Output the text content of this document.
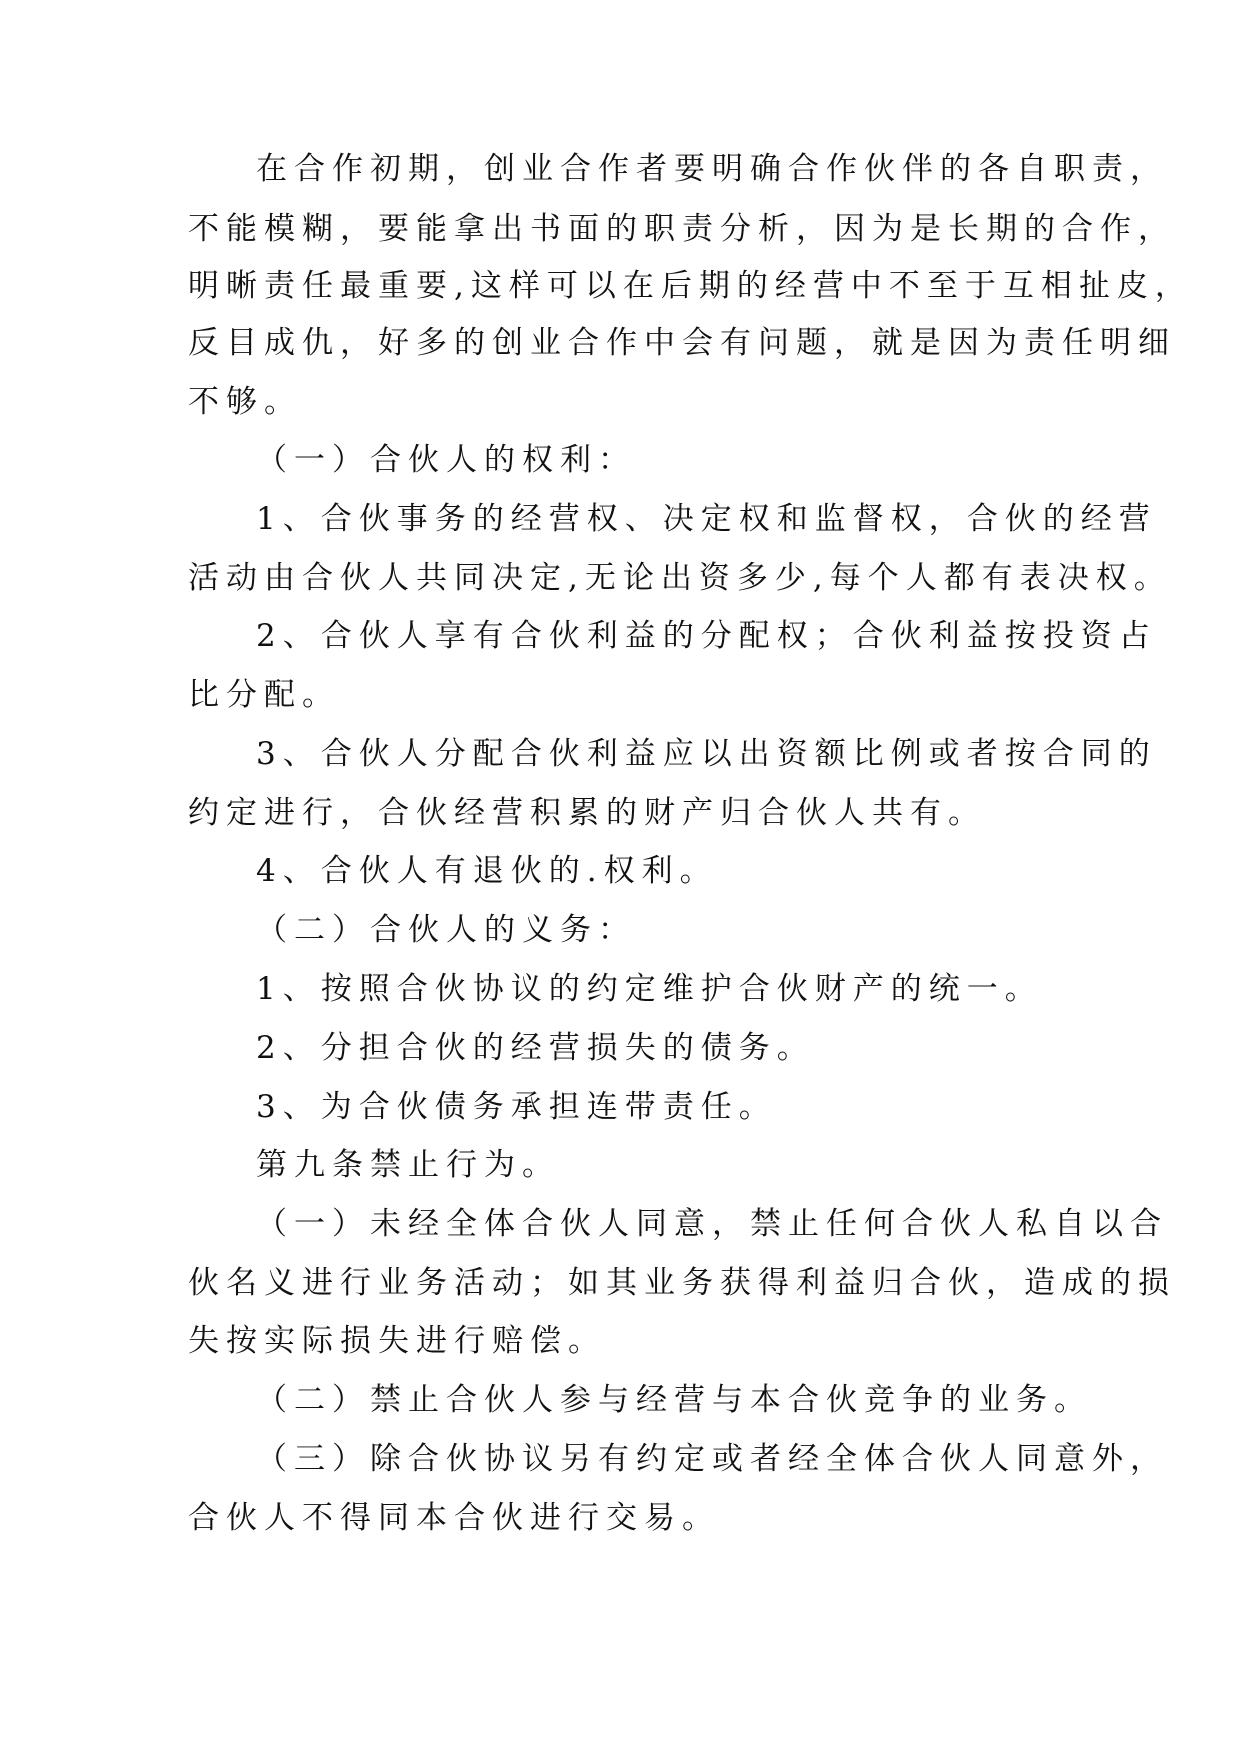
在合作初期，创业合作者要明确合作伙伴的各自职责，
不能模糊，要能拿出书面的职责分析，因为是长期的合作，
明晰责任最重要,这样可以在后期的经营中不至于互相扯皮，
反目成仇，好多的创业合作中会有问题，就是因为责任明细
不够。
（一）合伙人的权利：
1、合伙事务的经营权、决定权和监督权，合伙的经营
活动由合伙人共同决定,无论出资多少,每个人都有表决权。
2、合伙人享有合伙利益的分配权；合伙利益按投资占
比分配。
3、合伙人分配合伙利益应以出资额比例或者按合同的
约定进行，合伙经营积累的财产归合伙人共有。
4、合伙人有退伙的.权利。
（二）合伙人的义务：
1、按照合伙协议的约定维护合伙财产的统一。
2、分担合伙的经营损失的债务。
3、为合伙债务承担连带责任。
第九条禁止行为。
（一）未经全体合伙人同意，禁止任何合伙人私自以合
伙名义进行业务活动；如其业务获得利益归合伙，造成的损
失按实际损失进行赔偿。
（二）禁止合伙人参与经营与本合伙竞争的业务。
（三）除合伙协议另有约定或者经全体合伙人同意外，
合伙人不得同本合伙进行交易。
